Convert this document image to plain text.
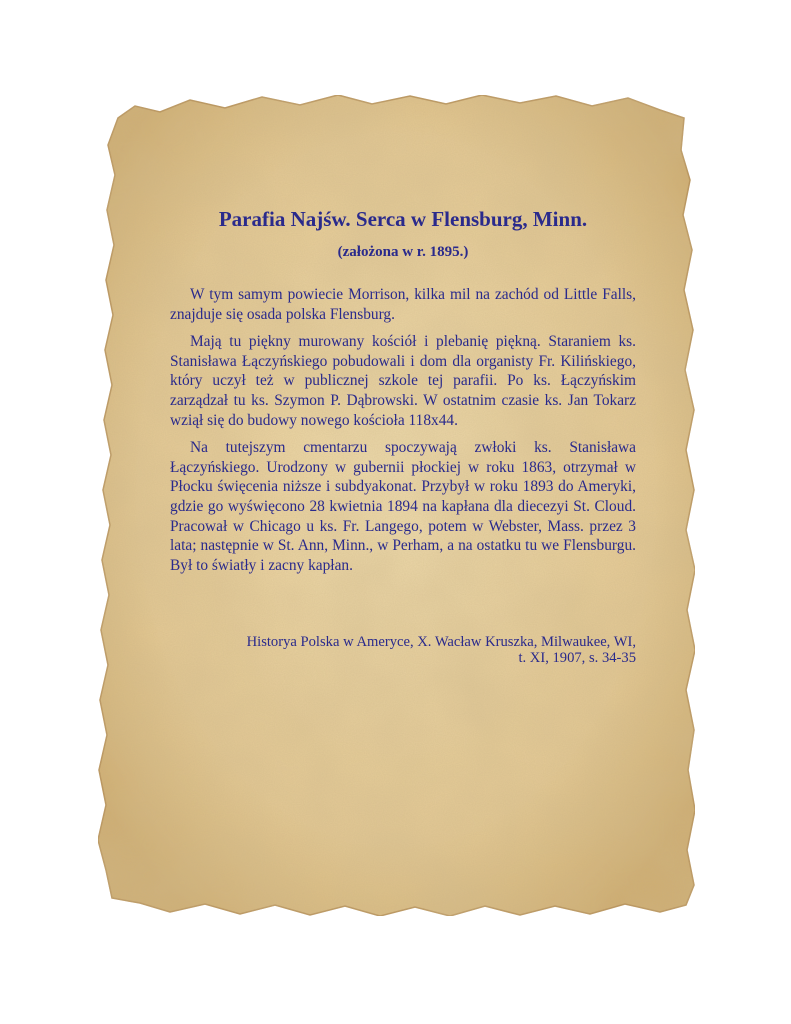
Parafia Najśw. Serca w Flensburg, Minn.
(założona w r. 1895.)

W tym samym powiecie Morrison, kilka mil na zachód od Little Falls, znajduje się osada polska Flensburg.

Mają tu piękny murowany kościół i plebanię piękną. Staraniem ks. Stanisława Łączyńskiego pobudowali i dom dla organisty Fr. Kilińskiego, który uczył też w publicznej szkole tej parafii. Po ks. Łączyńskim zarządzał tu ks. Szymon P. Dąbrowski. W ostatnim czasie ks. Jan Tokarz wziął się do budowy nowego kościoła 118x44.

Na tutejszym cmentarzu spoczywają zwłoki ks. Stanisława Łączyńskiego. Urodzony w gubernii płockiej w roku 1863, otrzymał w Płocku święcenia niższe i subdyakonat. Przybył w roku 1893 do Ameryki, gdzie go wyświęcono 28 kwietnia 1894 na kapłana dla diecezyi St. Cloud. Pracował w Chicago u ks. Fr. Langego, potem w Webster, Mass. przez 3 lata; następnie w St. Ann, Minn., w Perham, a na ostatku tu we Flensburgu. Był to światły i zacny kapłan.

Historya Polska w Ameryce, X. Wacław Kruszka, Milwaukee, WI,
t. XI, 1907, s. 34-35
